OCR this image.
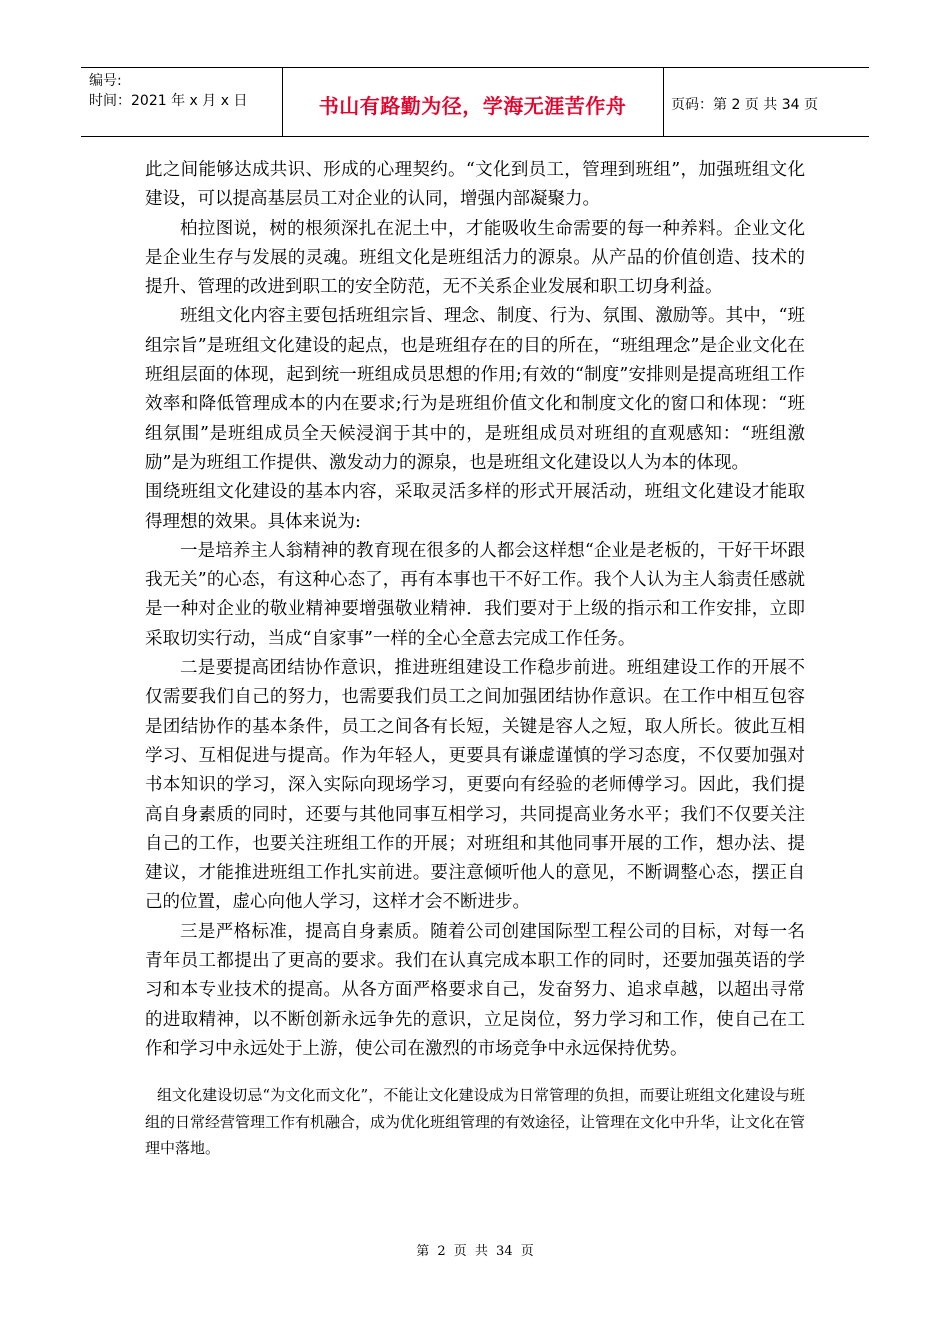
编号:
时间：2021 年 x 月 x 日	书山有路勤为径，学海无涯苦作舟	页码：第 2 页 共 34 页

此之间能够达成共识、形成的心理契约。“文化到员工，管理到班组”，加强班组文化建设，可以提高基层员工对企业的认同，增强内部凝聚力。

柏拉图说，树的根须深扎在泥土中，才能吸收生命需要的每一种养料。企业文化是企业生存与发展的灵魂。班组文化是班组活力的源泉。从产品的价值创造、技术的提升、管理的改进到职工的安全防范，无不关系企业发展和职工切身利益。

班组文化内容主要包括班组宗旨、理念、制度、行为、氛围、激励等。其中，“班组宗旨”是班组文化建设的起点，也是班组存在的目的所在，“班组理念”是企业文化在班组层面的体现，起到统一班组成员思想的作用;有效的“制度”安排则是提高班组工作效率和降低管理成本的内在要求;行为是班组价值文化和制度文化的窗口和体现：“班组氛围”是班组成员全天候浸润于其中的，是班组成员对班组的直观感知：“班组激励”是为班组工作提供、激发动力的源泉，也是班组文化建设以人为本的体现。

围绕班组文化建设的基本内容，采取灵活多样的形式开展活动，班组文化建设才能取得理想的效果。具体来说为:

一是培养主人翁精神的教育现在很多的人都会这样想“企业是老板的，干好干坏跟我无关”的心态，有这种心态了，再有本事也干不好工作。我个人认为主人翁责任感就是一种对企业的敬业精神要增强敬业精神．我们要对于上级的指示和工作安排，立即采取切实行动，当成“自家事”一样的全心全意去完成工作任务。

二是要提高团结协作意识，推进班组建设工作稳步前进。班组建设工作的开展不仅需要我们自己的努力，也需要我们员工之间加强团结协作意识。在工作中相互包容是团结协作的基本条件，员工之间各有长短，关键是容人之短，取人所长。彼此互相学习、互相促进与提高。作为年轻人，更要具有谦虚谨慎的学习态度，不仅要加强对书本知识的学习，深入实际向现场学习，更要向有经验的老师傅学习。因此，我们提高自身素质的同时，还要与其他同事互相学习，共同提高业务水平；我们不仅要关注自己的工作，也要关注班组工作的开展；对班组和其他同事开展的工作，想办法、提建议，才能推进班组工作扎实前进。要注意倾听他人的意见，不断调整心态，摆正自己的位置，虚心向他人学习，这样才会不断进步。

三是严格标准，提高自身素质。随着公司创建国际型工程公司的目标，对每一名青年员工都提出了更高的要求。我们在认真完成本职工作的同时，还要加强英语的学习和本专业技术的提高。从各方面严格要求自己，发奋努力、追求卓越，以超出寻常的进取精神，以不断创新永远争先的意识，立足岗位，努力学习和工作，使自己在工作和学习中永远处于上游，使公司在激烈的市场竞争中永远保持优势。

组文化建设切忌“为文化而文化”，不能让文化建设成为日常管理的负担，而要让班组文化建设与班组的日常经营管理工作有机融合，成为优化班组管理的有效途径，让管理在文化中升华，让文化在管理中落地。

第 2 页 共 34 页
